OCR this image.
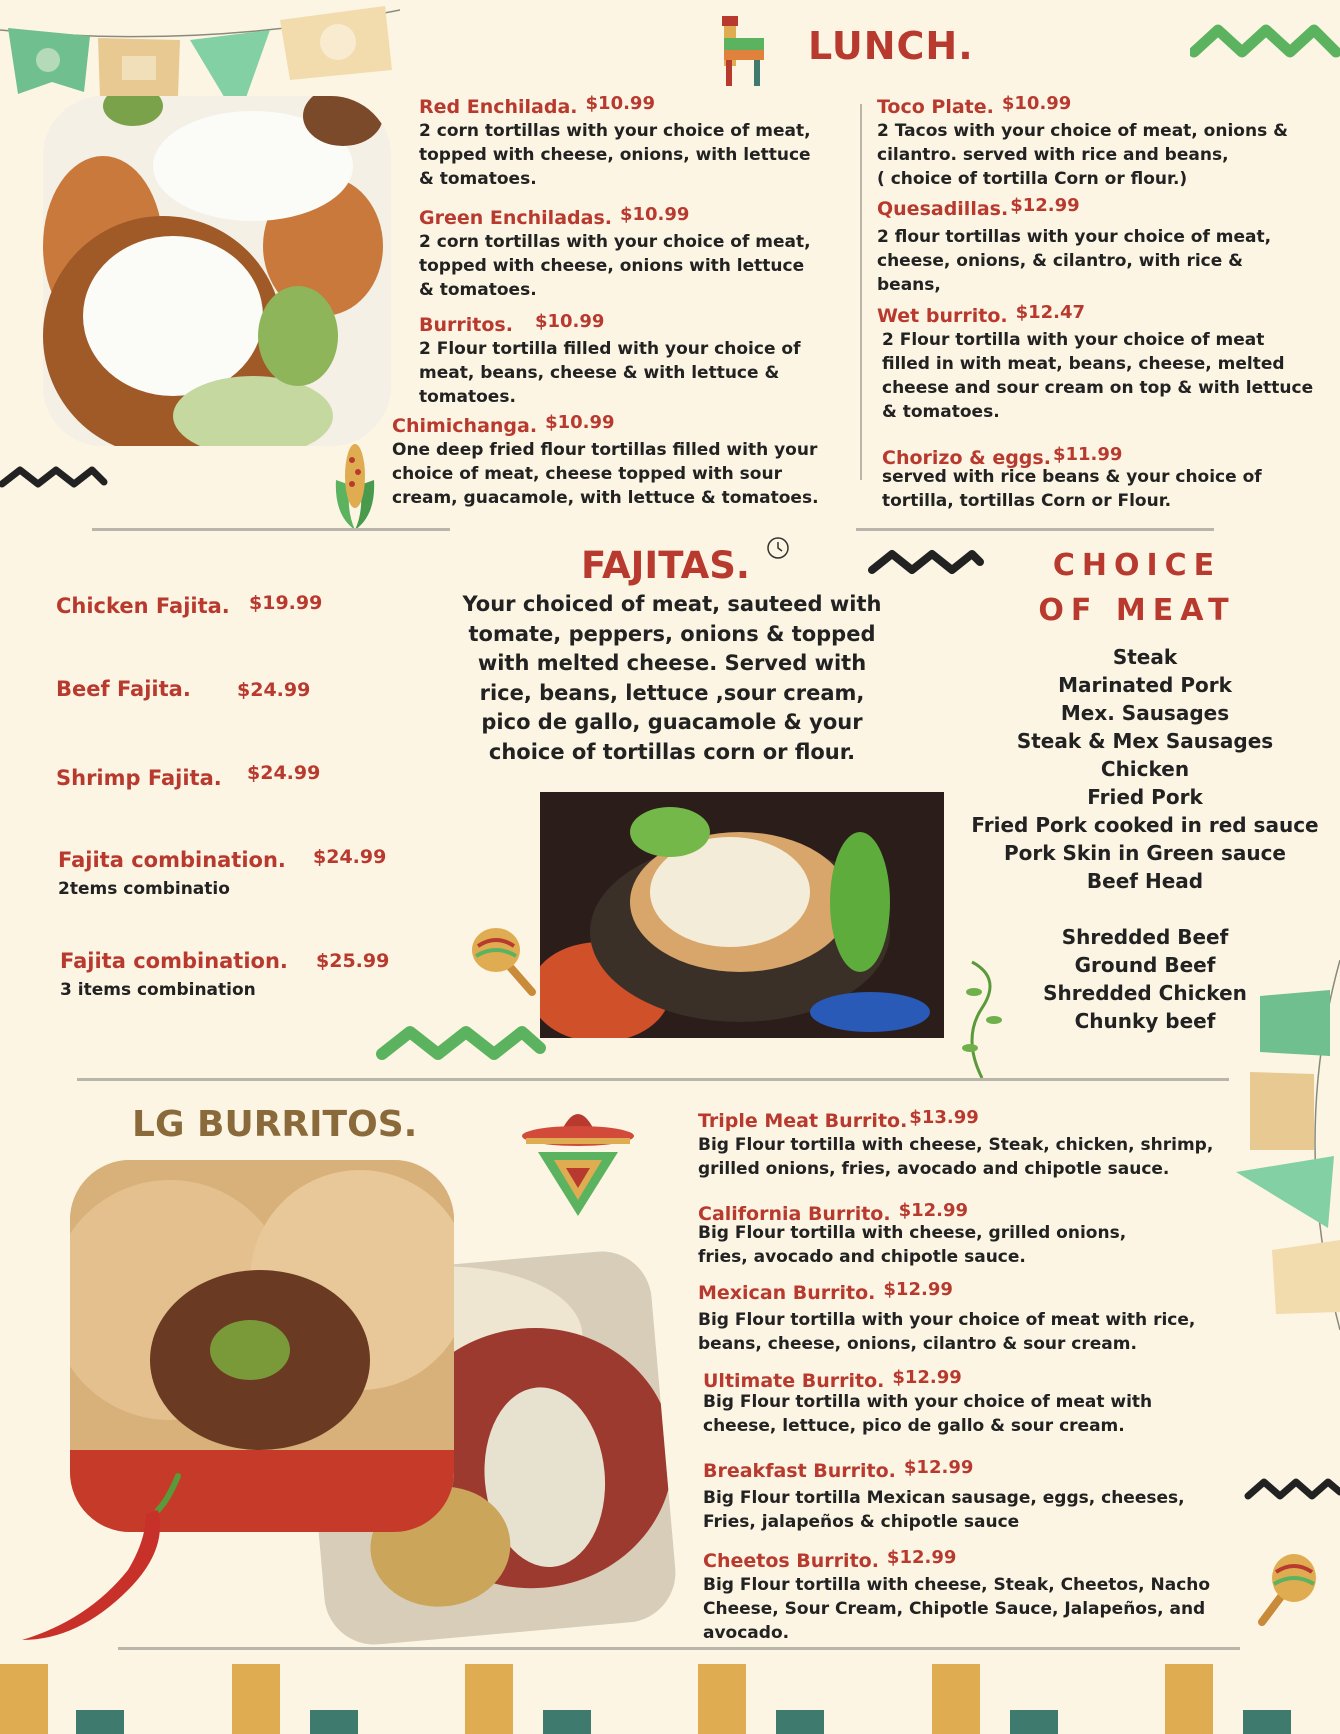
LUNCH.
Red Enchilada. $10.99
2 corn tortillas with your choice of meat,
topped with cheese, onions, with lettuce
& tomatoes.
Green Enchiladas. $10.99
2 corn tortillas with your choice of meat,
topped with cheese, onions with lettuce
& tomatoes.
Burritos. $10.99
2 Flour tortilla filled with your choice of
meat, beans, cheese & with lettuce &
tomatoes.
Chimichanga. $10.99
One deep fried flour tortillas filled with your
choice of meat, cheese topped with sour
cream, guacamole, with lettuce & tomatoes.
Toco Plate. $10.99
2 Tacos with your choice of meat, onions &
cilantro. served with rice and beans,
( choice of tortilla Corn or flour.)
Quesadillas. $12.99
2 flour tortillas with your choice of meat,
cheese, onions, & cilantro, with rice &
beans,
Wet burrito. $12.47
2 Flour tortilla with your choice of meat
filled in with meat, beans, cheese, melted
cheese and sour cream on top & with lettuce
& tomatoes.
Chorizo & eggs. $11.99
served with rice beans & your choice of
tortilla, tortillas Corn or Flour.
Chicken Fajita. $19.99
Beef Fajita. $24.99
Shrimp Fajita. $24.99
Fajita combination. $24.99
2tems combinatio
Fajita combination. $25.99
3 items combination
FAJITAS.
Your choiced of meat, sauteed with tomate, peppers, onions & topped with melted cheese. Served with rice, beans, lettuce ,sour cream, pico de gallo, guacamole & your choice of tortillas corn or flour.
CHOICE
OF MEAT
Steak
Marinated Pork
Mex. Sausages
Steak & Mex Sausages
Chicken
Fried Pork
Fried Pork cooked in red sauce
Pork Skin in Green sauce
Beef Head
Shredded Beef
Ground Beef
Shredded Chicken
Chunky beef
LG BURRITOS.	Triple Meat Burrito. $13.99
Big Flour tortilla with cheese, Steak, chicken, shrimp,
grilled onions, fries, avocado and chipotle sauce.
California Burrito. $12.99
Big Flour tortilla with cheese, grilled onions,
fries, avocado and chipotle sauce.
Mexican Burrito. $12.99
Big Flour tortilla with your choice of meat with rice,
beans, cheese, onions, cilantro & sour cream.
Ultimate Burrito. $12.99
Big Flour tortilla with your choice of meat with
cheese, lettuce, pico de gallo & sour cream.
Breakfast Burrito. $12.99
Big Flour tortilla Mexican sausage, eggs, cheeses,
Fries, jalapeños & chipotle sauce
Cheetos Burrito. $12.99
Big Flour tortilla with cheese, Steak, Cheetos, Nacho
Cheese, Sour Cream, Chipotle Sauce, Jalapeños, and
avocado.
